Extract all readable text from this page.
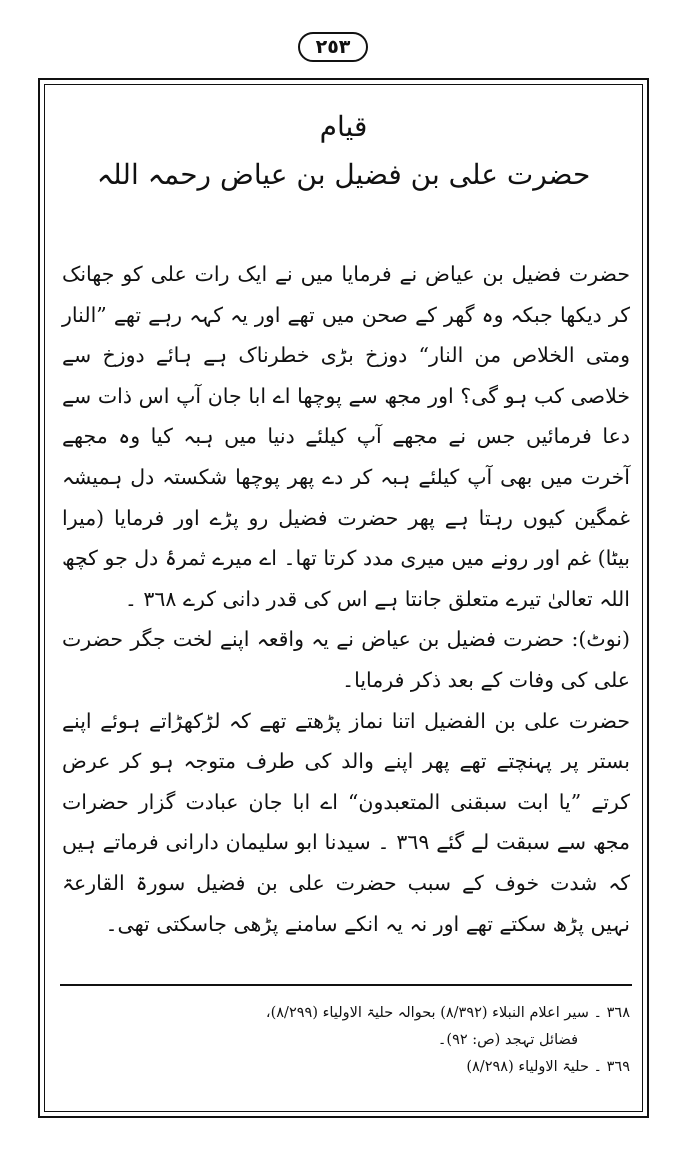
٢٥٣
قیام
حضرت علی بن فضیل بن عیاض رحمہ اللہ

حضرت فضیل بن عیاض نے فرمایا میں نے ایک رات علی کو جھانک کر دیکھا جبکہ وہ گھر کے صحن میں تھے اور یہ کہہ رہے تھے ”النار ومتی الخلاص من النار“ دوزخ بڑی خطرناک ہے ہائے دوزخ سے خلاصی کب ہو گی؟ اور مجھ سے پوچھا اے ابا جان آپ اس ذات سے دعا فرمائیں جس نے مجھے آپ کیلئے دنیا میں ہبہ کیا وہ مجھے آخرت میں بھی آپ کیلئے ہبہ کر دے پھر پوچھا شکستہ دل ہمیشہ غمگین کیوں رہتا ہے پھر حضرت فضیل رو پڑے اور فرمایا (میرا بیٹا) غم اور رونے میں میری مدد کرتا تھا۔ اے میرے ثمرۂ دل جو کچھ اللہ تعالیٰ تیرے متعلق جانتا ہے اس کی قدر دانی کرے ٣٦٨ ۔

(نوٹ): حضرت فضیل بن عیاض نے یہ واقعہ اپنے لخت جگر حضرت علی کی وفات کے بعد ذکر فرمایا۔

حضرت علی بن الفضیل اتنا نماز پڑھتے تھے کہ لڑکھڑاتے ہوئے اپنے بستر پر پہنچتے تھے پھر اپنے والد کی طرف متوجہ ہو کر عرض کرتے ”یا ابت سبقنی المتعبدون“ اے ابا جان عبادت گزار حضرات مجھ سے سبقت لے گئے ٣٦٩ ۔ سیدنا ابو سلیمان دارانی فرماتے ہیں کہ شدت خوف کے سبب حضرت علی بن فضیل سورۃ القارعۃ نہیں پڑھ سکتے تھے اور نہ یہ انکے سامنے پڑھی جاسکتی تھی۔

٣٦٨ ۔ سیر اعلام النبلاء (٨/٣٩٢) بحوالہ حلیۃ الاولیاء (٨/٢٩٩)،
فضائل تہجد (ص: ٩٢)۔
٣٦٩ ۔ حلیۃ الاولیاء (٨/٢٩٨)
